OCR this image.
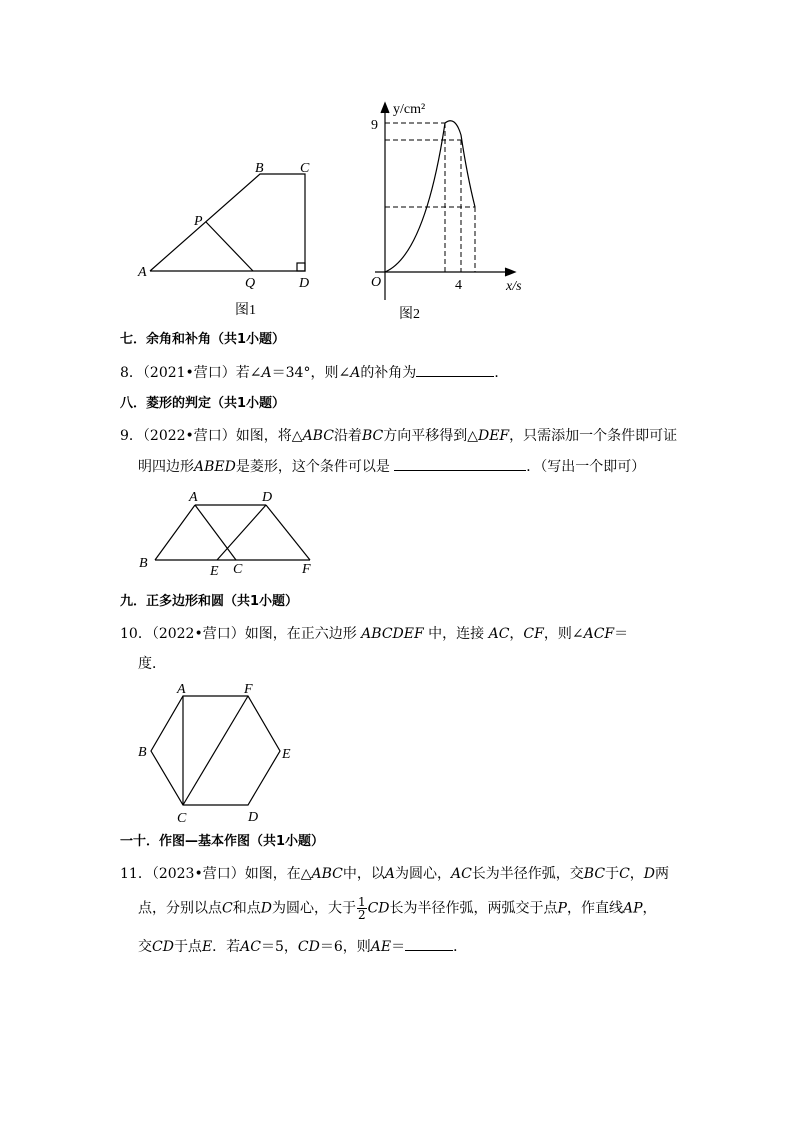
B	C
P
A
Q	D
图1
y/cm²
9
O	4	x/s
图2
七．余角和补角（共1小题）
8．（2021•营口）若∠A＝34°，则∠A的补角为	．
八．菱形的判定（共1小题）
9．（2022•营口）如图，将△ABC沿着BC方向平移得到△DEF，只需添加一个条件即可证
明四边形ABED是菱形，这个条件可以是	．（写出一个即可）
A	D
B
E C	F
九．正多边形和圆（共1小题）
10．（2022•营口）如图，在正六边形 ABCDEF 中，连接 AC，CF，则∠ACF＝
度．
A	F
B	E
C	D
一十．作图—基本作图（共1小题）
11．（2023•营口）如图，在△ABC中，以A为圆心，AC长为半径作弧，交BC于C，D两
点，分别以点C和点D为圆心，大于 $\frac{1}{2}$ CD长为半径作弧，两弧交于点P，作直线AP，
交CD于点E．若AC＝5，CD＝6，则AE＝	．
